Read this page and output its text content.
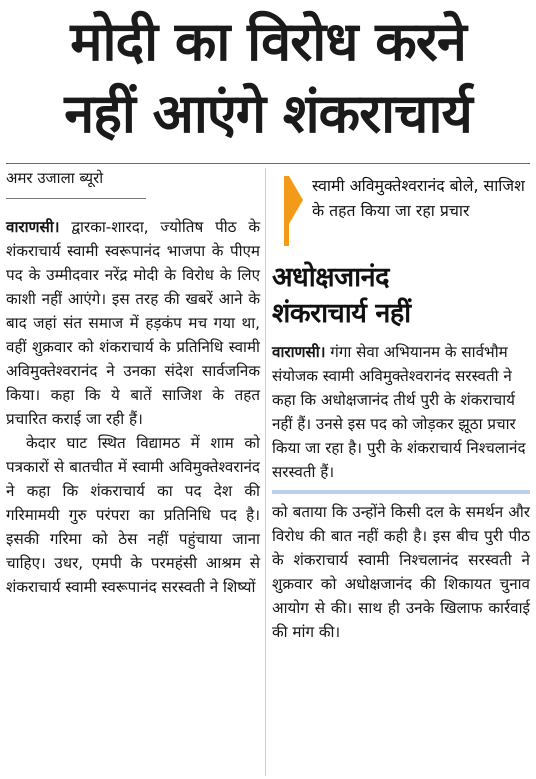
मोदी का विरोध करने
नहीं आएंगे शंकराचार्य
अमर उजाला ब्यूरो

वाराणसी। द्वारका-शारदा, ज्योतिष पीठ के शंकराचार्य स्वामी स्वरूपानंद भाजपा के पीएम पद के उम्मीदवार नरेंद्र मोदी के विरोध के लिए काशी नहीं आएंगे। इस तरह की खबरें आने के बाद जहां संत समाज में हड़कंप मच गया था, वहीं शुक्रवार को शंकराचार्य के प्रतिनिधि स्वामी अविमुक्तेश्वरानंद ने उनका संदेश सार्वजनिक किया। कहा कि ये बातें साजिश के तहत प्रचारित कराई जा रही हैं।

केदार घाट स्थित विद्यामठ में शाम को पत्रकारों से बातचीत में स्वामी अविमुक्तेश्वरानंद ने कहा कि शंकराचार्य का पद देश की गरिमामयी गुरु परंपरा का प्रतिनिधि पद है। इसकी गरिमा को ठेस नहीं पहुंचाया जाना चाहिए। उधर, एमपी के परमहंसी आश्रम से शंकराचार्य स्वामी स्वरूपानंद सरस्वती ने शिष्यों

स्वामी अविमुक्तेश्वरानंद बोले, साजिश के तहत किया जा रहा प्रचार
अधोक्षजानंद
शंकराचार्य नहीं

वाराणसी। गंगा सेवा अभियानम के सार्वभौम संयोजक स्वामी अविमुक्तेश्वरानंद सरस्वती ने कहा कि अधोक्षजानंद तीर्थ पुरी के शंकराचार्य नहीं हैं। उनसे इस पद को जोड़कर झूठा प्रचार किया जा रहा है। पुरी के शंकराचार्य निश्चलानंद सरस्वती हैं।

को बताया कि उन्होंने किसी दल के समर्थन और विरोध की बात नहीं कही है। इस बीच पुरी पीठ के शंकराचार्य स्वामी निश्चलानंद सरस्वती ने शुक्रवार को अधोक्षजानंद की शिकायत चुनाव आयोग से की। साथ ही उनके खिलाफ कार्रवाई की मांग की।
